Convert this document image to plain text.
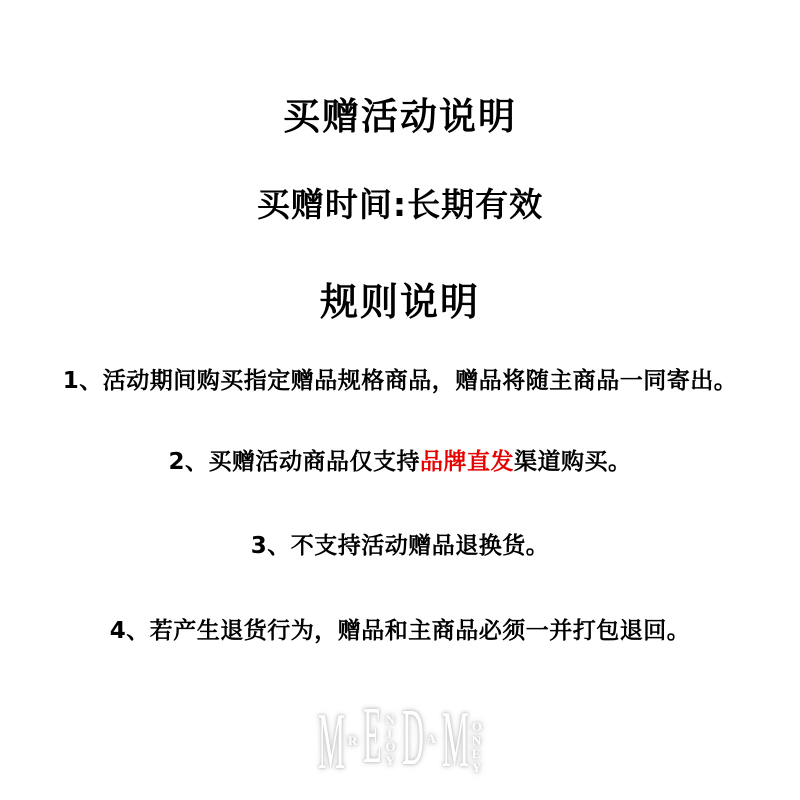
买赠活动说明
买赠时间:长期有效
规则说明

1、活动期间购买指定赠品规格商品，赠品将随主商品一同寄出。

2、买赠活动商品仅支持品牌直发渠道购买。

3、不支持活动赠品退换货。

4、若产生退货行为，赠品和主商品必须一并打包退回。

M R E N
J
O
Y D A M O
N
E
Y
